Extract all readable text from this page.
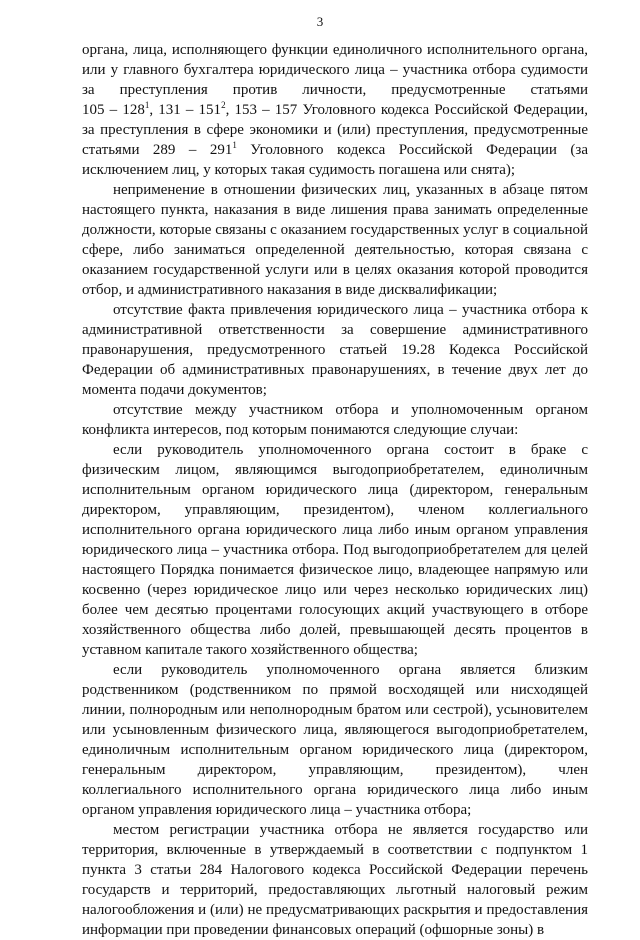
3

органа, лица, исполняющего функции единоличного исполнительного органа,
или у главного бухгалтера юридического лица – участника отбора судимости
за преступления против личности, предусмотренные статьями
$105 - 128^1$, $131 - 151^2$, 153 – 157 Уголовного кодекса Российской Федерации,
за преступления в сфере экономики и (или) преступления, предусмотренные
статьями $289 - 291^1$ Уголовного кодекса Российской Федерации (за
исключением лиц, у которых такая судимость погашена или снята);

неприменение в отношении физических лиц, указанных в абзаце пятом
настоящего пункта, наказания в виде лишения права занимать определенные
должности, которые связаны с оказанием государственных услуг в социальной
сфере, либо заниматься определенной деятельностью, которая связана с
оказанием государственной услуги или в целях оказания которой проводится
отбор, и административного наказания в виде дисквалификации;

отсутствие факта привлечения юридического лица – участника отбора к
административной ответственности за совершение административного
правонарушения, предусмотренного статьей 19.28 Кодекса Российской
Федерации об административных правонарушениях, в течение двух лет до
момента подачи документов;

отсутствие между участником отбора и уполномоченным органом
конфликта интересов, под которым понимаются следующие случаи:

если руководитель уполномоченного органа состоит в браке с
физическим лицом, являющимся выгодоприобретателем, единоличным
исполнительным органом юридического лица (директором, генеральным
директором, управляющим, президентом), членом коллегиального
исполнительного органа юридического лица либо иным органом управления
юридического лица – участника отбора. Под выгодоприобретателем для целей
настоящего Порядка понимается физическое лицо, владеющее напрямую или
косвенно (через юридическое лицо или через несколько юридических лиц)
более чем десятью процентами голосующих акций участвующего в отборе
хозяйственного общества либо долей, превышающей десять процентов в
уставном капитале такого хозяйственного общества;

если руководитель уполномоченного органа является близким
родственником (родственником по прямой восходящей или нисходящей
линии, полнородным или неполнородным братом или сестрой), усыновителем
или усыновленным физического лица, являющегося выгодоприобретателем,
единоличным исполнительным органом юридического лица (директором,
генеральным директором, управляющим, президентом), член
коллегиального исполнительного органа юридического лица либо иным
органом управления юридического лица – участника отбора;

местом регистрации участника отбора не является государство или
территория, включенные в утверждаемый в соответствии с подпунктом 1
пункта 3 статьи 284 Налогового кодекса Российской Федерации перечень
государств и территорий, предоставляющих льготный налоговый режим
налогообложения и (или) не предусматривающих раскрытия и предоставления
информации при проведении финансовых операций (офшорные зоны) в
